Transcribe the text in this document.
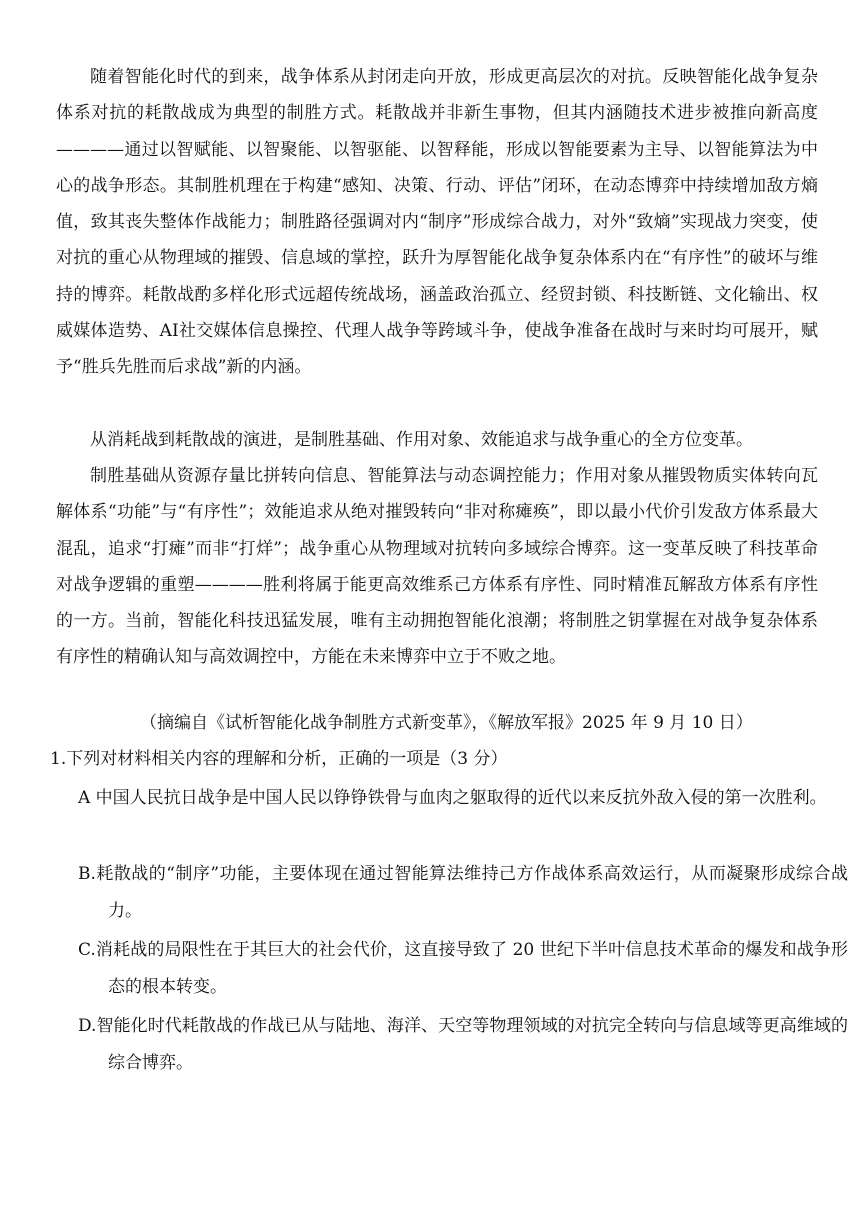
随着智能化时代的到来，战争体系从封闭走向开放，形成更高层次的对抗。反映智能化战争复杂体系对抗的耗散战成为典型的制胜方式。耗散战并非新生事物，但其内涵随技术进步被推向新高度————通过以智赋能、以智聚能、以智驱能、以智释能，形成以智能要素为主导、以智能算法为中心的战争形态。其制胜机理在于构建“感知、决策、行动、评估”闭环，在动态博弈中持续增加敌方熵值，致其丧失整体作战能力；制胜路径强调对内“制序”形成综合战力，对外“致熵”实现战力突变，使对抗的重心从物理域的摧毁、信息域的掌控，跃升为厚智能化战争复杂体系内在“有序性”的破坏与维持的博弈。耗散战酌多样化形式远超传统战场，涵盖政治孤立、经贸封锁、科技断链、文化输出、权威媒体造势、AI社交媒体信息操控、代理人战争等跨域斗争，使战争准备在战时与来时均可展开，赋予“胜兵先胜而后求战”新的内涵。

从消耗战到耗散战的演进，是制胜基础、作用对象、效能追求与战争重心的全方位变革。

制胜基础从资源存量比拼转向信息、智能算法与动态调控能力；作用对象从摧毁物质实体转向瓦解体系“功能”与“有序性”；效能追求从绝对摧毁转向“非对称瘫痪”，即以最小代价引发敌方体系最大混乱，追求“打瘫”而非“打烊”；战争重心从物理域对抗转向多域综合博弈。这一变革反映了科技革命对战争逻辑的重塑————胜利将属于能更高效维系己方体系有序性、同时精准瓦解敌方体系有序性的一方。当前，智能化科技迅猛发展，唯有主动拥抱智能化浪潮；将制胜之钥掌握在对战争复杂体系有序性的精确认知与高效调控中，方能在未来博弈中立于不败之地。

（摘编自《试析智能化战争制胜方式新变革》，《解放军报》2025 年 9 月 10 日）

1.下列对材料相关内容的理解和分析，正确的一项是（3 分）

A 中国人民抗日战争是中国人民以铮铮铁骨与血肉之躯取得的近代以来反抗外敌入侵的第一次胜利。

B.耗散战的“制序”功能，主要体现在通过智能算法维持己方作战体系高效运行，从而凝聚形成综合战力。

C.消耗战的局限性在于其巨大的社会代价，这直接导致了 20 世纪下半叶信息技术革命的爆发和战争形态的根本转变。

D.智能化时代耗散战的作战已从与陆地、海洋、天空等物理领域的对抗完全转向与信息域等更高维域的综合博弈。
